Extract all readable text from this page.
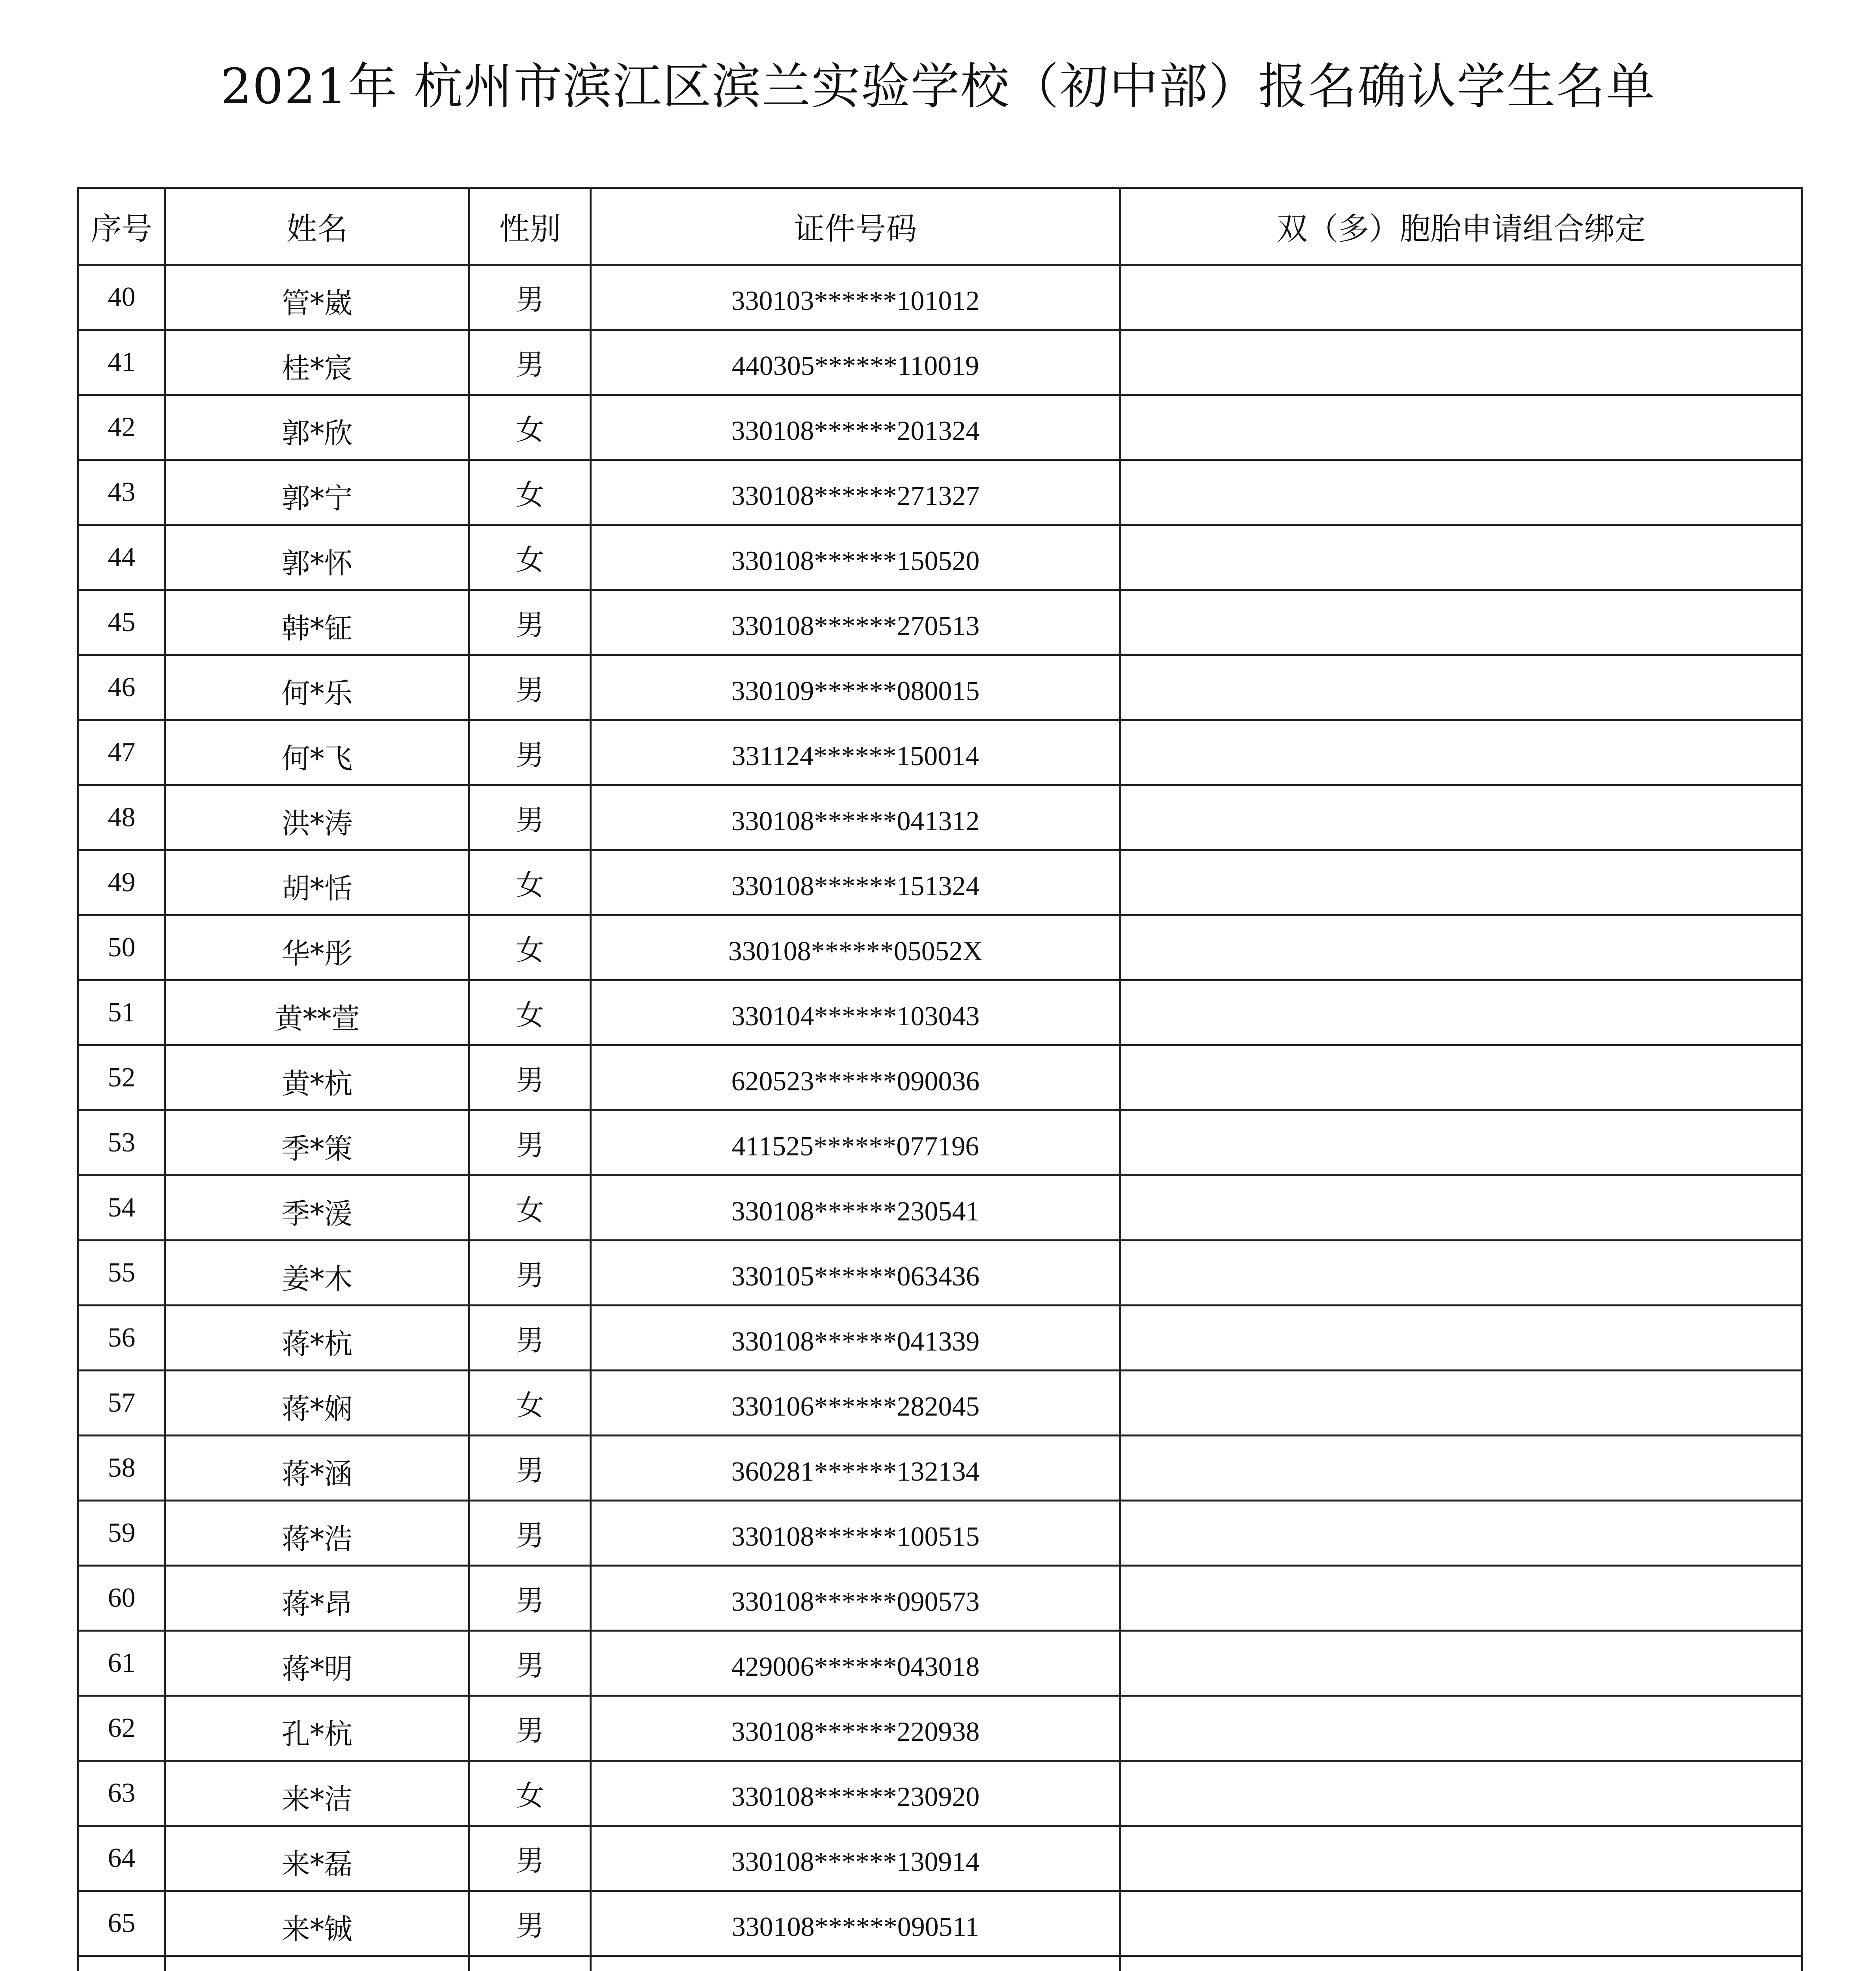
2021年 杭州市滨江区滨兰实验学校（初中部）报名确认学生名单
序号	姓名	性别	证件号码	双（多）胞胎申请组合绑定
40	管*崴	男	330103******101012	
41	桂*宸	男	440305******110019	
42	郭*欣	女	330108******201324	
43	郭*宁	女	330108******271327	
44	郭*怀	女	330108******150520	
45	韩*钲	男	330108******270513	
46	何*乐	男	330109******080015	
47	何*飞	男	331124******150014	
48	洪*涛	男	330108******041312	
49	胡*恬	女	330108******151324	
50	华*彤	女	330108******05052X	
51	黄**萱	女	330104******103043	
52	黄*杭	男	620523******090036	
53	季*策	男	411525******077196	
54	季*湲	女	330108******230541	
55	姜*木	男	330105******063436	
56	蒋*杭	男	330108******041339	
57	蒋*娴	女	330106******282045	
58	蒋*涵	男	360281******132134	
59	蒋*浩	男	330108******100515	
60	蒋*昂	男	330108******090573	
61	蒋*明	男	429006******043018	
62	孔*杭	男	330108******220938	
63	来*洁	女	330108******230920	
64	来*磊	男	330108******130914	
65	来*铖	男	330108******090511	
